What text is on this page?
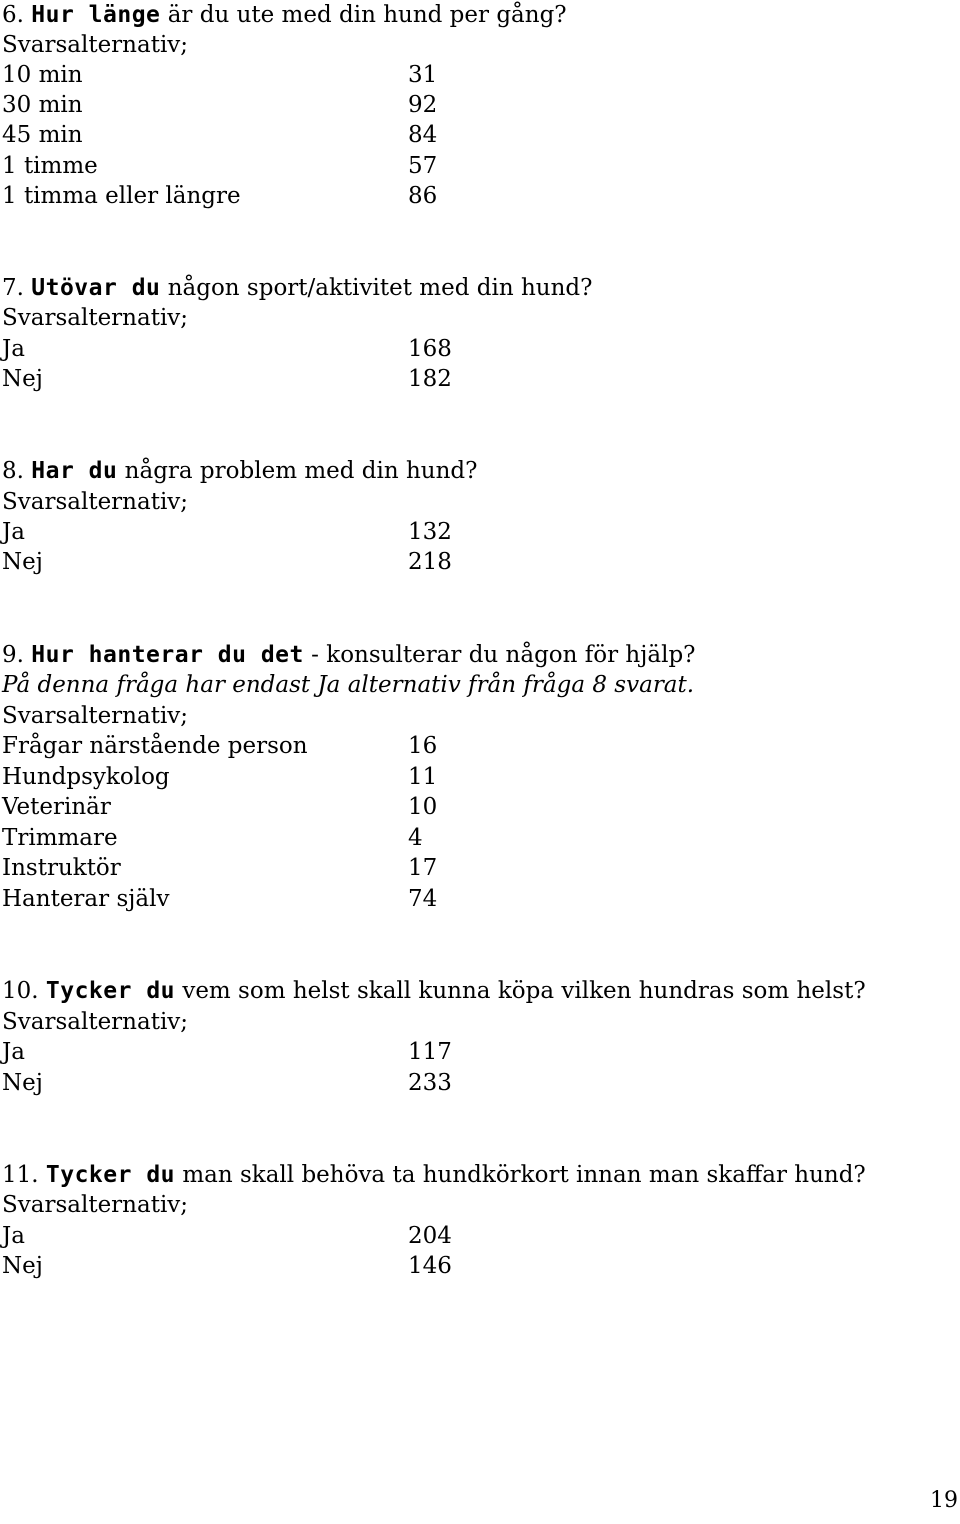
6. Hur länge är du ute med din hund per gång?
Svarsalternativ;
10 min	31
30 min	92
45 min	84
1 timme	57
1 timma eller längre	86
7. Utövar du någon sport/aktivitet med din hund?
Svarsalternativ;
Ja	168
Nej	182
8. Har du några problem med din hund?
Svarsalternativ;
Ja	132
Nej	218
9. Hur hanterar du det - konsulterar du någon för hjälp?
På denna fråga har endast Ja alternativ från fråga 8 svarat.
Svarsalternativ;
Frågar närstående person	16
Hundpsykolog	11
Veterinär	10
Trimmare	4
Instruktör	17
Hanterar själv	74
10. Tycker du vem som helst skall kunna köpa vilken hundras som helst?
Svarsalternativ;
Ja	117
Nej	233
11. Tycker du man skall behöva ta hundkörkort innan man skaffar hund?
Svarsalternativ;
Ja	204
Nej	146
19
